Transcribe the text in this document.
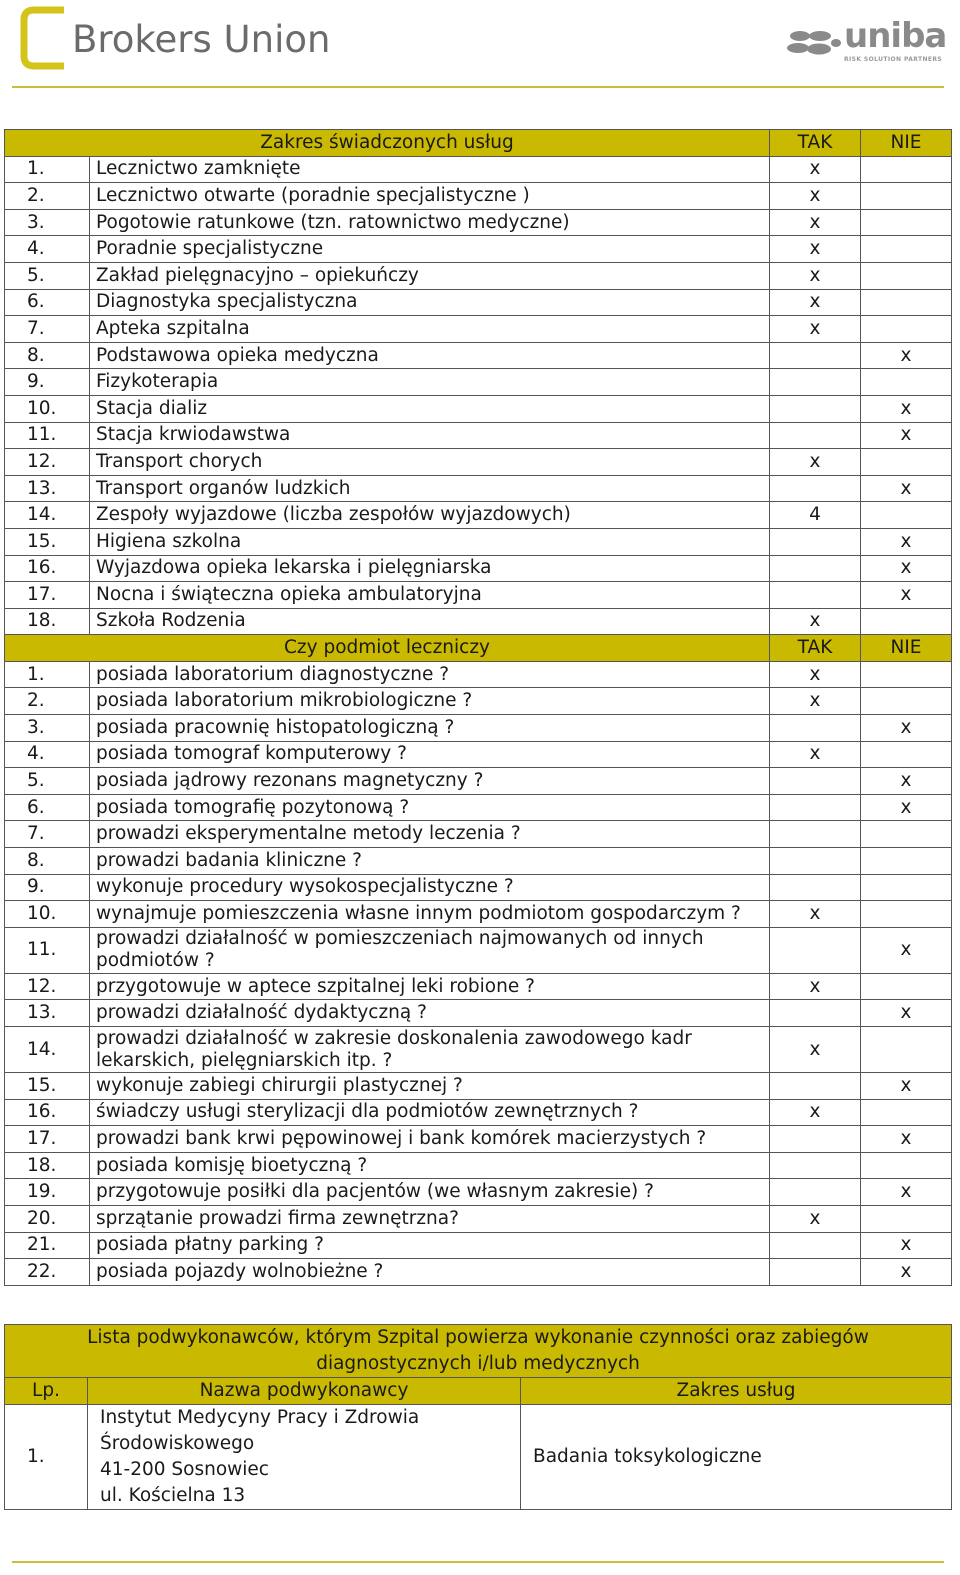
Brokers Union	uniba
RISK SOLUTION PARTNERS
Zakres świadczonych usług		TAK	NIE
1.	Lecznictwo zamknięte	x	
2.	Lecznictwo otwarte (poradnie specjalistyczne )	x	
3.	Pogotowie ratunkowe (tzn. ratownictwo medyczne)	x	
4.	Poradnie specjalistyczne	x	
5.	Zakład pielęgnacyjno – opiekuńczy	x	
6.	Diagnostyka specjalistyczna	x	
7.	Apteka szpitalna	x	
8.	Podstawowa opieka medyczna		x
9.	Fizykoterapia		
10.	Stacja dializ		x
11.	Stacja krwiodawstwa		x
12.	Transport chorych	x	
13.	Transport organów ludzkich		x
14.	Zespoły wyjazdowe (liczba zespołów wyjazdowych)	4	
15.	Higiena szkolna		x
16.	Wyjazdowa opieka lekarska i pielęgniarska		x
17.	Nocna i świąteczna opieka ambulatoryjna		x
18.	Szkoła Rodzenia	x	
Czy podmiot leczniczy		TAK	NIE
1.	posiada laboratorium diagnostyczne ?	x	
2.	posiada laboratorium mikrobiologiczne ?	x	
3.	posiada pracownię histopatologiczną ?		x
4.	posiada tomograf komputerowy ?	x	
5.	posiada jądrowy rezonans magnetyczny ?		x
6.	posiada tomografię pozytonową ?		x
7.	prowadzi eksperymentalne metody leczenia ?		
8.	prowadzi badania kliniczne ?		
9.	wykonuje procedury wysokospecjalistyczne ?		
10.	wynajmuje pomieszczenia własne innym podmiotom gospodarczym ?	x	
11.	prowadzi działalność w pomieszczeniach najmowanych od innych podmiotów ?		x
12.	przygotowuje w aptece szpitalnej leki robione ?	x	
13.	prowadzi działalność dydaktyczną ?		x
14.	prowadzi działalność w zakresie doskonalenia zawodowego kadr lekarskich, pielęgniarskich itp. ?	x	
15.	wykonuje zabiegi chirurgii plastycznej ?		x
16.	świadczy usługi sterylizacji dla podmiotów zewnętrznych ?	x	
17.	prowadzi bank krwi pępowinowej i bank komórek macierzystych ?		x
18.	posiada komisję bioetyczną ?		
19.	przygotowuje posiłki dla pacjentów (we własnym zakresie) ?		x
20.	sprzątanie prowadzi firma zewnętrzna?	x	
21.	posiada płatny parking ?		x
22.	posiada pojazdy wolnobieżne ?		x
Lista podwykonawców, którym Szpital powierza wykonanie czynności oraz zabiegów diagnostycznych i/lub medycznych		
Lp.	Nazwa podwykonawcy	Zakres usług
1.	Instytut Medycyny Pracy i Zdrowia
Środowiskowego
41-200 Sosnowiec
ul. Kościelna 13	Badania toksykologiczne
